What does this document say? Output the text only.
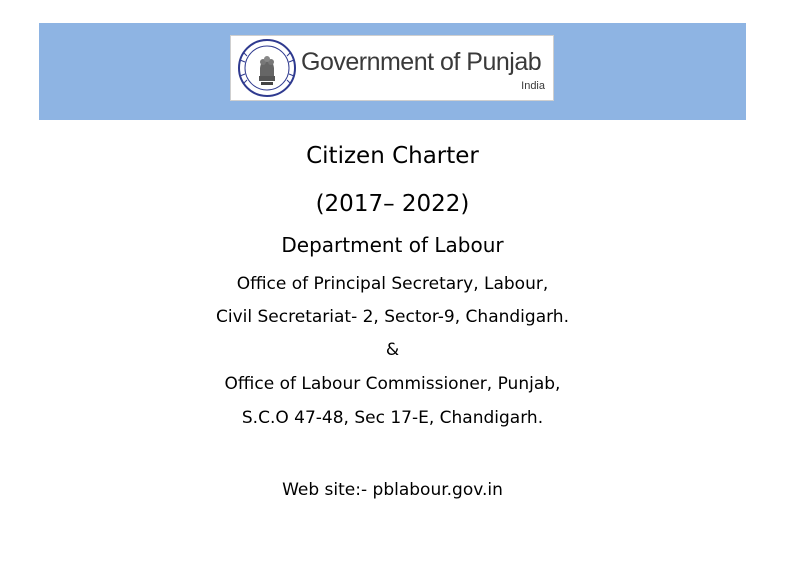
Government of Punjab
India
Citizen Charter
(2017– 2022)
Department of Labour
Office of Principal Secretary, Labour,
Civil Secretariat- 2, Sector-9, Chandigarh.
&
Office of Labour Commissioner, Punjab,
S.C.O 47-48, Sec 17-E, Chandigarh.
Web site:- pblabour.gov.in
